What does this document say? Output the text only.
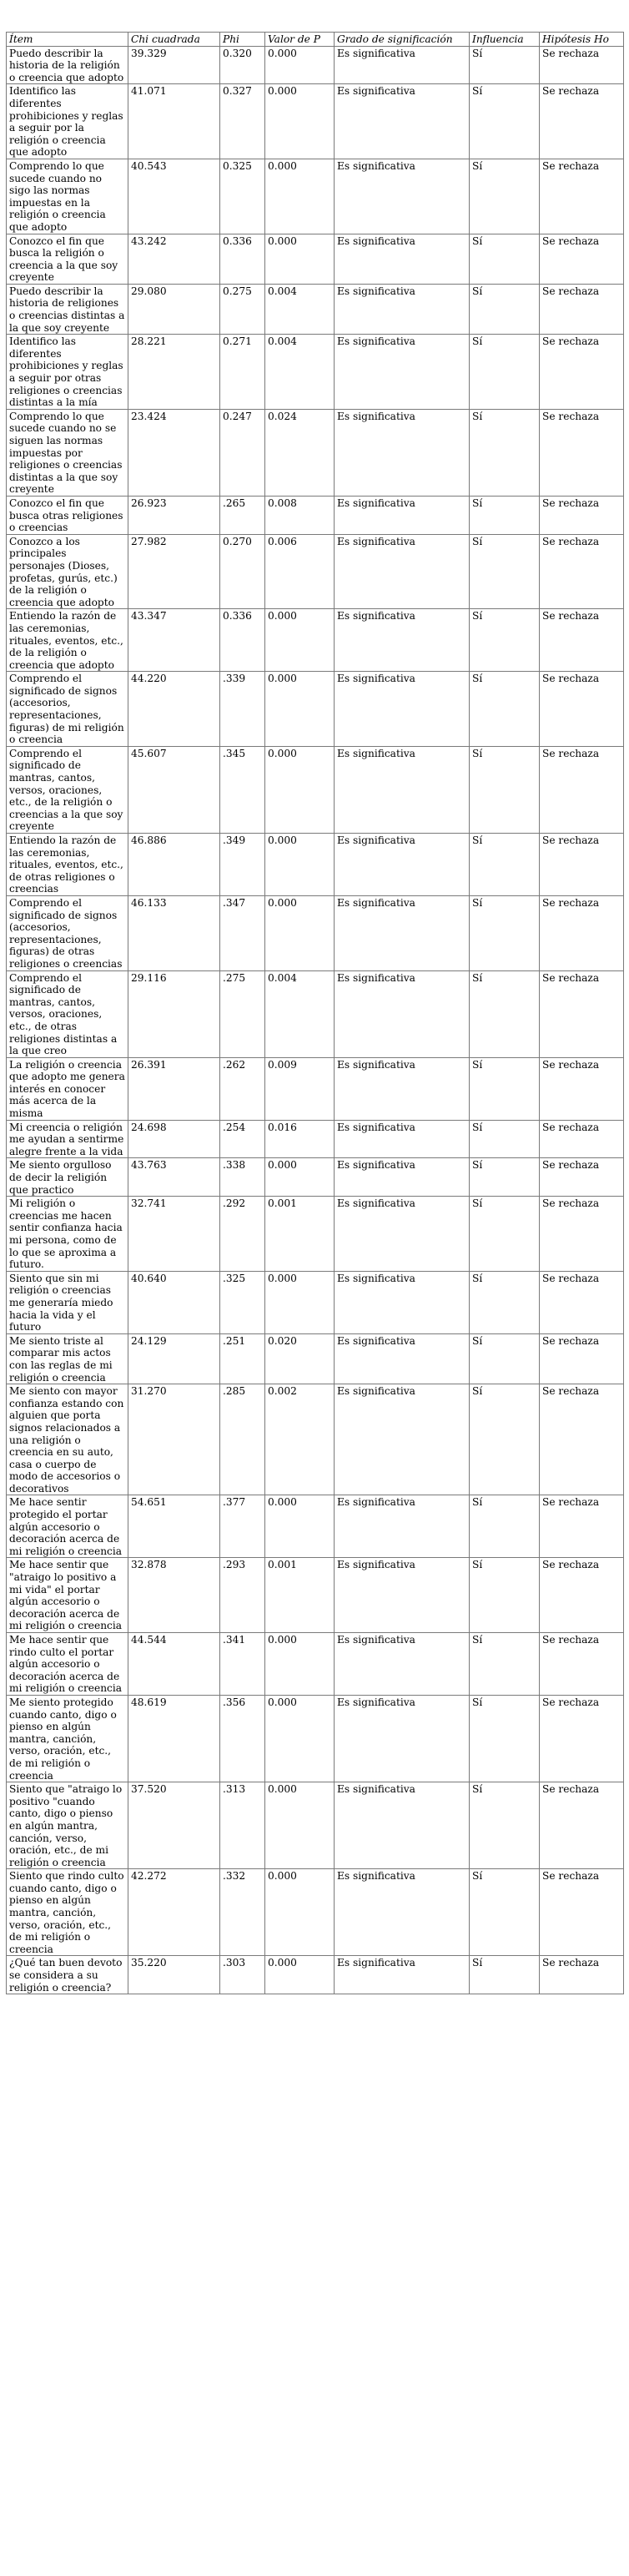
Ítem	Chi cuadrada	Phi	Valor de P	Grado de significación	Influencia	Hipótesis Ho
Puedo describir la historia de la religión o creencia que adopto	39.329	0.320	0.000	Es significativa	Sí	Se rechaza
Identifico las diferentes prohibiciones y reglas a seguir por la religión o creencia que adopto	41.071	0.327	0.000	Es significativa	Sí	Se rechaza
Comprendo lo que sucede cuando no sigo las normas impuestas en la religión o creencia que adopto	40.543	0.325	0.000	Es significativa	Sí	Se rechaza
Conozco el fin que busca la religión o creencia a la que soy creyente	43.242	0.336	0.000	Es significativa	Sí	Se rechaza
Puedo describir la historia de religiones o creencias distintas a la que soy creyente	29.080	0.275	0.004	Es significativa	Sí	Se rechaza
Identifico las diferentes prohibiciones y reglas a seguir por otras religiones o creencias distintas a la mía	28.221	0.271	0.004	Es significativa	Sí	Se rechaza
Comprendo lo que sucede cuando no se siguen las normas impuestas por religiones o creencias distintas a la que soy creyente	23.424	0.247	0.024	Es significativa	Sí	Se rechaza
Conozco el fin que busca otras religiones o creencias	26.923	.265	0.008	Es significativa	Sí	Se rechaza
Conozco a los principales personajes (Dioses, profetas, gurús, etc.) de la religión o creencia que adopto	27.982	0.270	0.006	Es significativa	Sí	Se rechaza
Entiendo la razón de las ceremonias, rituales, eventos, etc., de la religión o creencia que adopto	43.347	0.336	0.000	Es significativa	Sí	Se rechaza
Comprendo el significado de signos (accesorios, representaciones, figuras) de mi religión o creencia	44.220	.339	0.000	Es significativa	Sí	Se rechaza
Comprendo el significado de mantras, cantos, versos, oraciones, etc., de la religión o creencias a la que soy creyente	45.607	.345	0.000	Es significativa	Sí	Se rechaza
Entiendo la razón de las ceremonias, rituales, eventos, etc., de otras religiones o creencias	46.886	.349	0.000	Es significativa	Sí	Se rechaza
Comprendo el significado de signos (accesorios, representaciones, figuras) de otras religiones o creencias	46.133	.347	0.000	Es significativa	Sí	Se rechaza
Comprendo el significado de mantras, cantos, versos, oraciones, etc., de otras religiones distintas a la que creo	29.116	.275	0.004	Es significativa	Sí	Se rechaza
La religión o creencia que adopto me genera interés en conocer más acerca de la misma	26.391	.262	0.009	Es significativa	Sí	Se rechaza
Mi creencia o religión me ayudan a sentirme alegre frente a la vida	24.698	.254	0.016	Es significativa	Sí	Se rechaza
Me siento orgulloso de decir la religión que practico	43.763	.338	0.000	Es significativa	Sí	Se rechaza
Mi religión o creencias me hacen sentir confianza hacia mi persona, como de lo que se aproxima a futuro.	32.741	.292	0.001	Es significativa	Sí	Se rechaza
Siento que sin mi religión o creencias me generaría miedo hacia la vida y el futuro	40.640	.325	0.000	Es significativa	Sí	Se rechaza
Me siento triste al comparar mis actos con las reglas de mi religión o creencia	24.129	.251	0.020	Es significativa	Sí	Se rechaza
Me siento con mayor confianza estando con alguien que porta signos relacionados a una religión o creencia en su auto, casa o cuerpo de modo de accesorios o decorativos	31.270	.285	0.002	Es significativa	Sí	Se rechaza
Me hace sentir protegido el portar algún accesorio o decoración acerca de mi religión o creencia	54.651	.377	0.000	Es significativa	Sí	Se rechaza
Me hace sentir que "atraigo lo positivo a mi vida" el portar algún accesorio o decoración acerca de mi religión o creencia	32.878	.293	0.001	Es significativa	Sí	Se rechaza
Me hace sentir que rindo culto el portar algún accesorio o decoración acerca de mi religión o creencia	44.544	.341	0.000	Es significativa	Sí	Se rechaza
Me siento protegido cuando canto, digo o pienso en algún mantra, canción, verso, oración, etc., de mi religión o creencia	48.619	.356	0.000	Es significativa	Sí	Se rechaza
Siento que "atraigo lo positivo "cuando canto, digo o pienso en algún mantra, canción, verso, oración, etc., de mi religión o creencia	37.520	.313	0.000	Es significativa	Sí	Se rechaza
Siento que rindo culto cuando canto, digo o pienso en algún mantra, canción, verso, oración, etc., de mi religión o creencia	42.272	.332	0.000	Es significativa	Sí	Se rechaza
¿Qué tan buen devoto se considera a su religión o creencia?	35.220	.303	0.000	Es significativa	Sí	Se rechaza
